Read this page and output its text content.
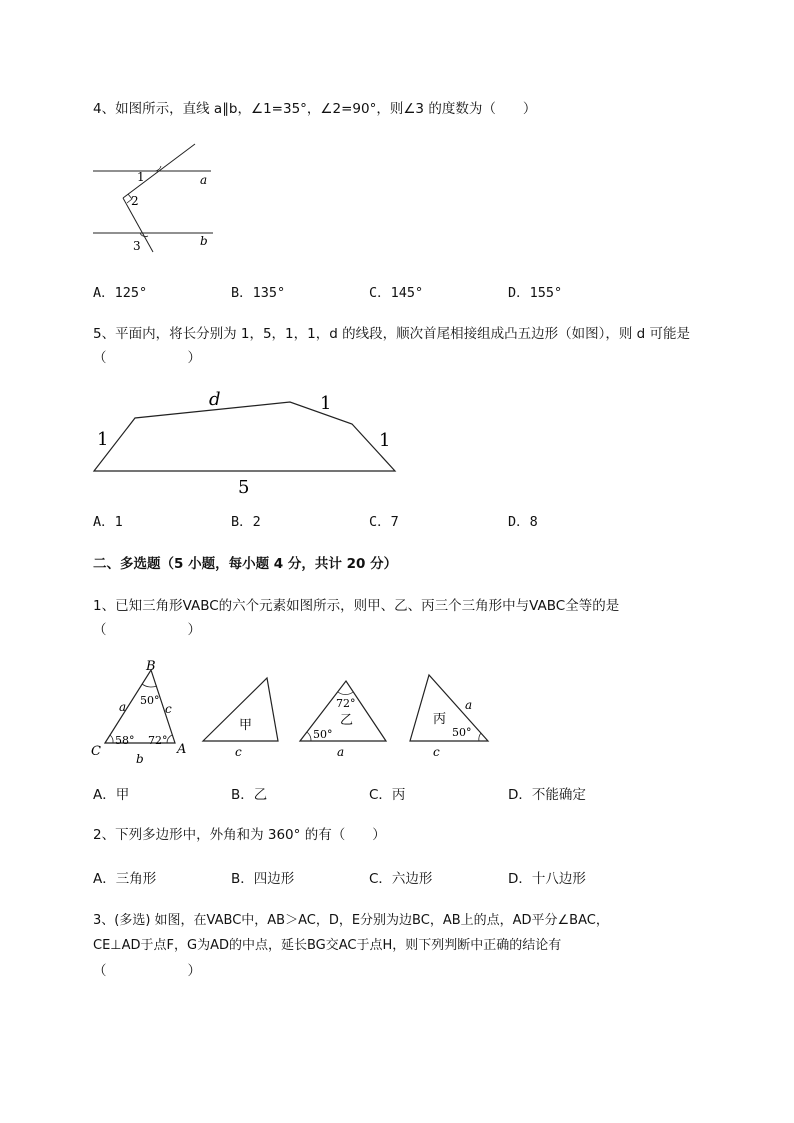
4、如图所示，直线 a∥b，∠1=35°，∠2=90°，则∠3 的度数为（　　）
1
2
3
a
b
A．125°	B．135°	C．145°	D．155°
5、平面内，将长分别为 1，5，1，1，d 的线段，顺次首尾相接组成凸五边形（如图），则 d 可能是
（　　　　　　）
d	1
1	1
5
A．1	B．2	C．7	D．8
二、多选题（5 小题，每小题 4 分，共计 20 分）
1、已知三角形VABC的六个元素如图所示，则甲、乙、丙三个三角形中与VABC全等的是
（　　　　　　）
B
C	A
a
b
c
50°
58° 72°
甲
c
72°
乙
50°
a
丙
a
50°
c
A．甲	B．乙	C．丙	D．不能确定
2、下列多边形中，外角和为 360° 的有（　　）
A．三角形	B．四边形	C．六边形	D．十八边形
3、(多选) 如图，在VABC中，AB＞AC，D，E分别为边BC，AB上的点，AD平分∠BAC，
CE⊥AD于点F，G为AD的中点，延长BG交AC于点H，则下列判断中正确的结论有
（　　　　　　）
